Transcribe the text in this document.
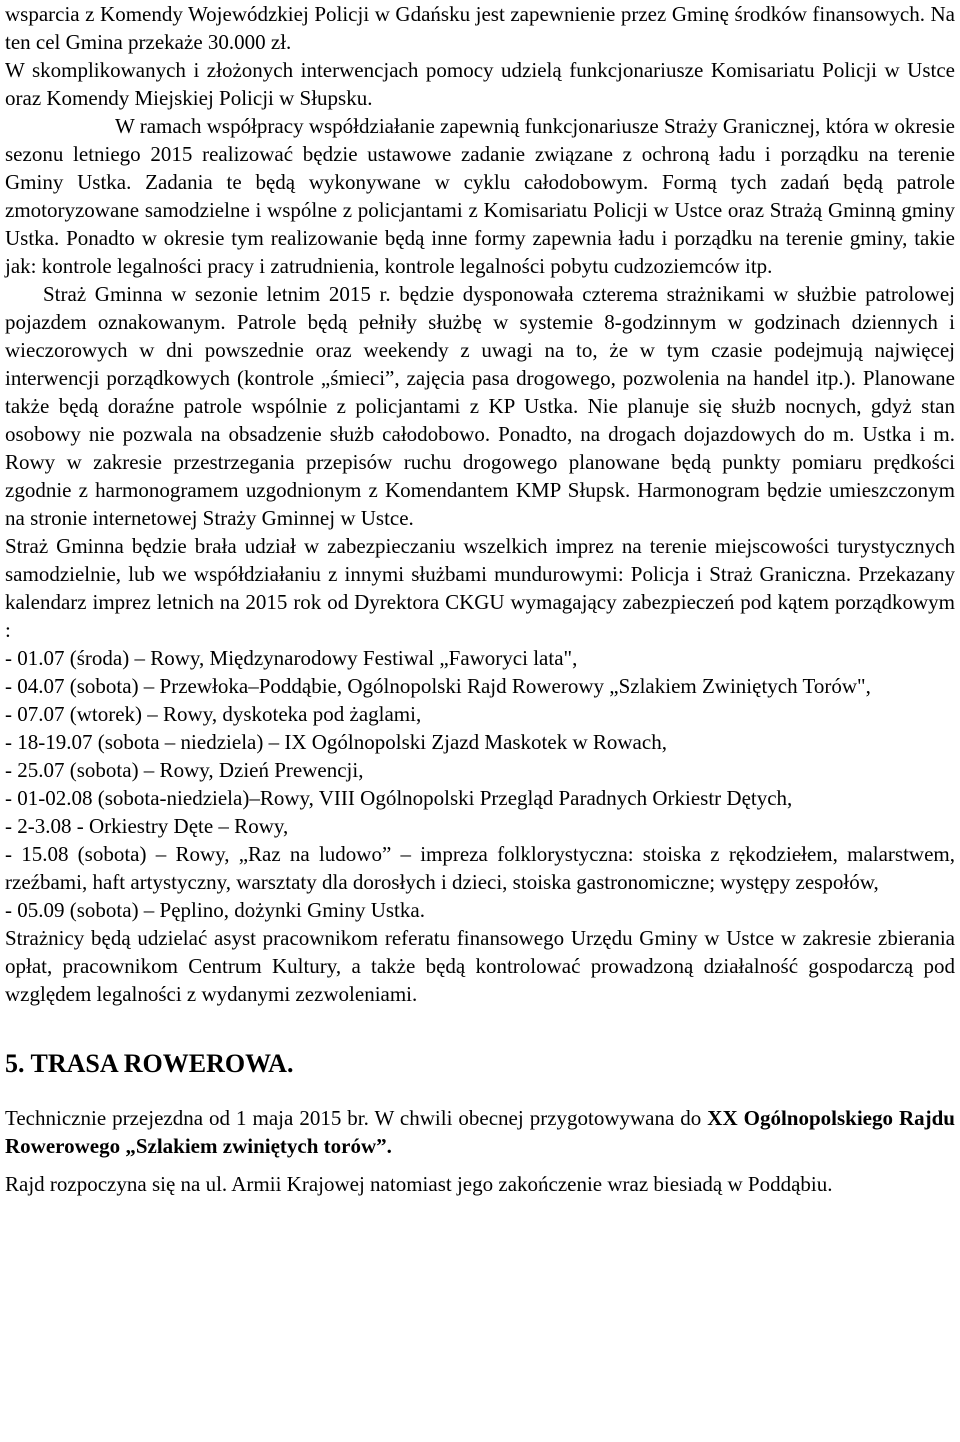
wsparcia z Komendy Wojewódzkiej Policji w Gdańsku jest zapewnienie przez Gminę środków finansowych. Na ten cel Gmina przekaże 30.000 zł.

W skomplikowanych i złożonych interwencjach pomocy udzielą funkcjonariusze Komisariatu Policji w Ustce oraz Komendy Miejskiej Policji w Słupsku.

W ramach współpracy współdziałanie zapewnią funkcjonariusze Straży Granicznej, która w okresie sezonu letniego 2015 realizować będzie ustawowe zadanie związane z ochroną ładu i porządku na terenie Gminy Ustka. Zadania te będą wykonywane w cyklu całodobowym. Formą tych zadań będą patrole zmotoryzowane samodzielne i wspólne z policjantami z Komisariatu Policji w Ustce oraz Strażą Gminną gminy Ustka. Ponadto w okresie tym realizowanie będą inne formy zapewnia ładu i porządku na terenie gminy, takie jak: kontrole legalności pracy i zatrudnienia, kontrole legalności pobytu cudzoziemców itp.

Straż Gminna w sezonie letnim 2015 r. będzie dysponowała czterema strażnikami w służbie patrolowej pojazdem oznakowanym. Patrole będą pełniły służbę w systemie 8-godzinnym w godzinach dziennych i wieczorowych w dni powszednie oraz weekendy z uwagi na to, że w tym czasie podejmują najwięcej interwencji porządkowych (kontrole „śmieci”, zajęcia pasa drogowego, pozwolenia na handel itp.). Planowane także będą doraźne patrole wspólnie z policjantami z KP Ustka. Nie planuje się służb nocnych, gdyż stan osobowy nie pozwala na obsadzenie służb całodobowo. Ponadto, na drogach dojazdowych do m. Ustka i m. Rowy w zakresie przestrzegania przepisów ruchu drogowego planowane będą punkty pomiaru prędkości zgodnie z harmonogramem uzgodnionym z Komendantem KMP Słupsk. Harmonogram będzie umieszczonym na stronie internetowej Straży Gminnej w Ustce.

Straż Gminna będzie brała udział w zabezpieczaniu wszelkich imprez na terenie miejscowości turystycznych samodzielnie, lub we współdziałaniu z innymi służbami mundurowymi: Policja i Straż Graniczna. Przekazany kalendarz imprez letnich na 2015 rok od Dyrektora CKGU wymagający zabezpieczeń pod kątem porządkowym :

- 01.07 (środa) – Rowy, Międzynarodowy Festiwal „Faworyci lata",

- 04.07 (sobota) – Przewłoka–Poddąbie, Ogólnopolski Rajd Rowerowy „Szlakiem Zwiniętych Torów",

- 07.07 (wtorek) – Rowy, dyskoteka pod żaglami,

- 18-19.07 (sobota – niedziela) – IX Ogólnopolski Zjazd Maskotek w Rowach,

- 25.07 (sobota) – Rowy, Dzień Prewencji,

- 01-02.08 (sobota-niedziela)–Rowy, VIII Ogólnopolski Przegląd Paradnych Orkiestr Dętych,

- 2-3.08 - Orkiestry Dęte – Rowy,

- 15.08 (sobota) – Rowy, „Raz na ludowo” – impreza folklorystyczna: stoiska z rękodziełem, malarstwem, rzeźbami, haft artystyczny, warsztaty dla dorosłych i dzieci, stoiska gastronomiczne; występy zespołów,

- 05.09 (sobota) – Pęplino, dożynki Gminy Ustka.

Strażnicy będą udzielać asyst pracownikom referatu finansowego Urzędu Gminy w Ustce w zakresie zbierania opłat, pracownikom Centrum Kultury, a także będą kontrolować prowadzoną działalność gospodarczą pod względem legalności z wydanymi zezwoleniami.

5. TRASA ROWEROWA.

Technicznie przejezdna od 1 maja 2015 br. W chwili obecnej przygotowywana do XX Ogólnopolskiego Rajdu Rowerowego „Szlakiem zwiniętych torów”.

Rajd rozpoczyna się na ul. Armii Krajowej natomiast jego zakończenie wraz biesiadą w Poddąbiu.
